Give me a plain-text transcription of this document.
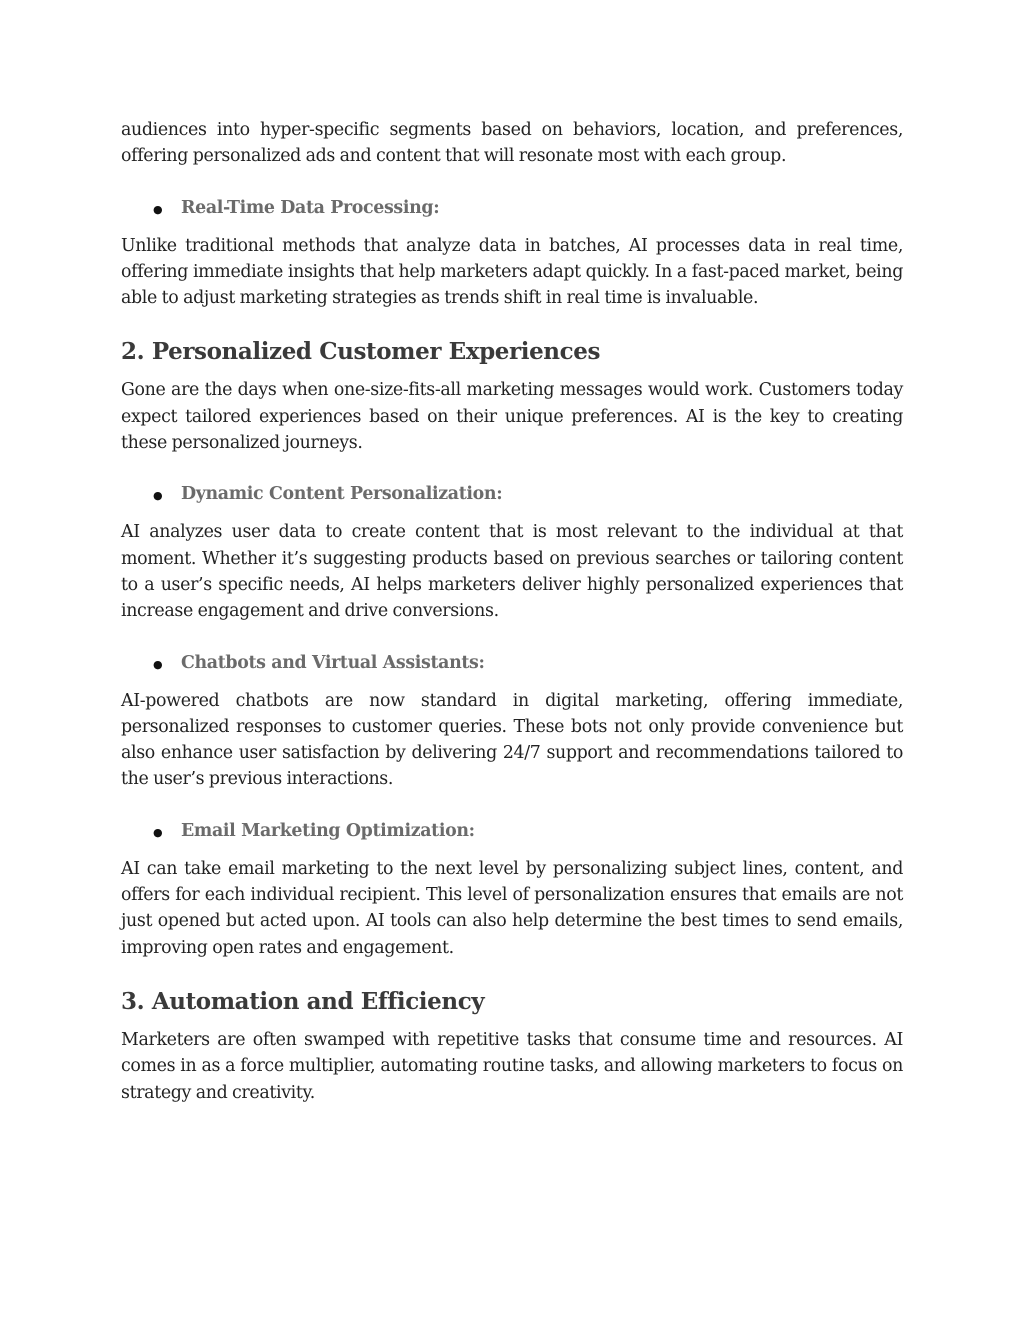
audiences into hyper-specific segments based on behaviors, location, and preferences, offering personalized ads and content that will resonate most with each group.

●	Real-Time Data Processing:

Unlike traditional methods that analyze data in batches, AI processes data in real time, offering immediate insights that help marketers adapt quickly. In a fast-paced market, being able to adjust marketing strategies as trends shift in real time is invaluable.

2. Personalized Customer Experiences

Gone are the days when one-size-fits-all marketing messages would work. Customers today expect tailored experiences based on their unique preferences. AI is the key to creating these personalized journeys.

●	Dynamic Content Personalization:

AI analyzes user data to create content that is most relevant to the individual at that moment. Whether it’s suggesting products based on previous searches or tailoring content to a user’s specific needs, AI helps marketers deliver highly personalized experiences that increase engagement and drive conversions.

●	Chatbots and Virtual Assistants:

AI-powered chatbots are now standard in digital marketing, offering immediate, personalized responses to customer queries. These bots not only provide convenience but also enhance user satisfaction by delivering 24/7 support and recommendations tailored to the user’s previous interactions.

●	Email Marketing Optimization:

AI can take email marketing to the next level by personalizing subject lines, content, and offers for each individual recipient. This level of personalization ensures that emails are not just opened but acted upon. AI tools can also help determine the best times to send emails, improving open rates and engagement.

3. Automation and Efficiency

Marketers are often swamped with repetitive tasks that consume time and resources. AI comes in as a force multiplier, automating routine tasks, and allowing marketers to focus on strategy and creativity.
